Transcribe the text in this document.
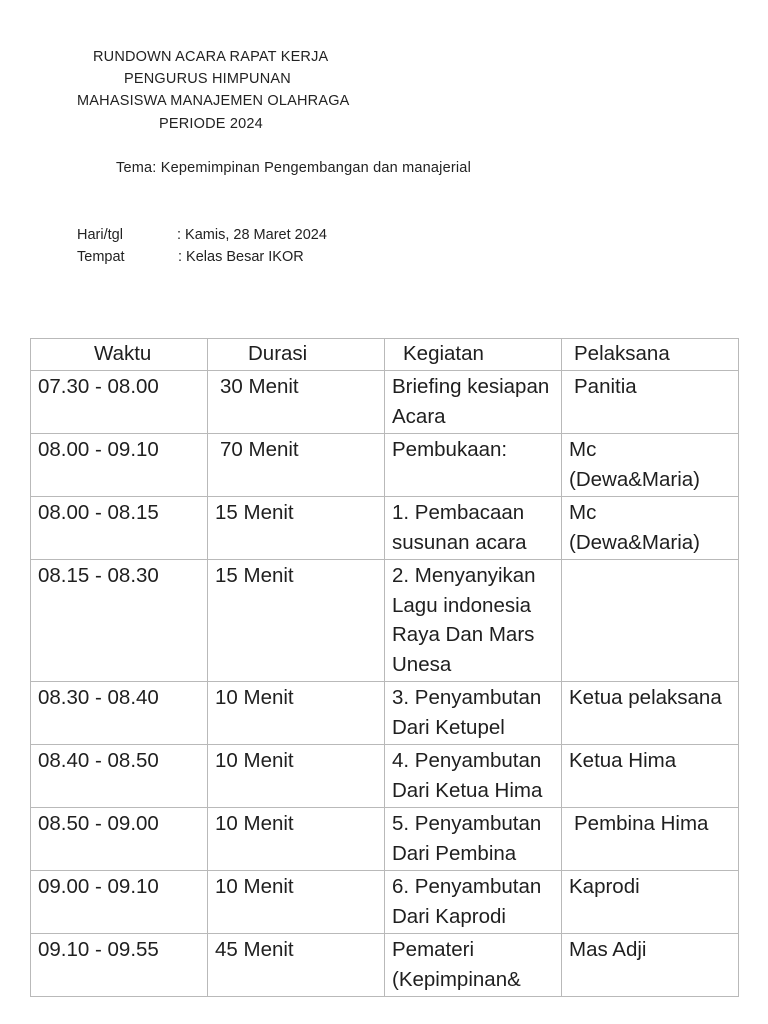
RUNDOWN ACARA RAPAT KERJA
PENGURUS HIMPUNAN
MAHASISWA MANAJEMEN OLAHRAGA
PERIODE 2024
Tema: Kepemimpinan Pengembangan dan manajerial
Hari/tgl	: Kamis, 28 Maret 2024
Tempat	: Kelas Besar IKOR
Waktu	Durasi	Kegiatan	Pelaksana
07.30 - 08.00	30 Menit	Briefing kesiapan Acara	Panitia
08.00 - 09.10	70 Menit	Pembukaan:	Mc (Dewa&Maria)
08.00 - 08.15	15 Menit	1. Pembacaan susunan acara	Mc (Dewa&Maria)
08.15 - 08.30	15 Menit	2. Menyanyikan Lagu indonesia Raya Dan Mars Unesa	
08.30 - 08.40	10 Menit	3. Penyambutan Dari Ketupel	Ketua pelaksana
08.40 - 08.50	10 Menit	4. Penyambutan Dari Ketua Hima	Ketua Hima
08.50 - 09.00	10 Menit	5. Penyambutan Dari Pembina	Pembina Hima
09.00 - 09.10	10 Menit	6. Penyambutan Dari Kaprodi	Kaprodi
09.10 - 09.55	45 Menit	Pemateri (Kepimpinan&	Mas Adji
